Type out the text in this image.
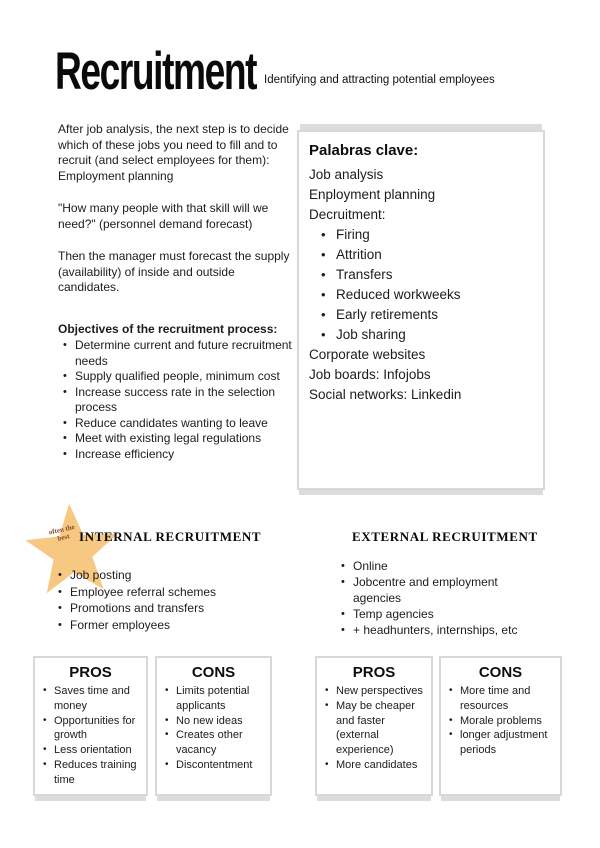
Recruitment Identifying and attracting potential employees

After job analysis, the next step is to decide which of these jobs you need to fill and to recruit (and select employees for them): Employment planning

"How many people with that skill will we need?" (personnel demand forecast)

Then the manager must forecast the supply (availability) of inside and outside candidates.

Objectives of the recruitment process:
• Determine current and future recruitment needs
• Supply qualified people, minimum cost
• Increase success rate in the selection process
• Reduce candidates wanting to leave
• Meet with existing legal regulations
• Increase efficiency
Palabras clave:
Job analysis
Enployment planning
Decruitment:
• Firing
• Attrition
• Transfers
• Reduced workweeks
• Early retirements
• Job sharing
Corporate websites
Job boards: Infojobs
Social networks: Linkedin
often the best INTERNAL RECRUITMENT	EXTERNAL RECRUITMENT
• Job posting
• Employee referral schemes
• Promotions and transfers
• Former employees
• Online
• Jobcentre and employment agencies
• Temp agencies
• + headhunters, internships, etc
PROS
• Saves time and money
• Opportunities for growth
• Less orientation
• Reduces training time
CONS
• Limits potential applicants
• No new ideas
• Creates other vacancy
• Discontentment
PROS
• New perspectives
• May be cheaper and faster (external experience)
• More candidates
CONS
• More time and resources
• Morale problems
• longer adjustment periods
